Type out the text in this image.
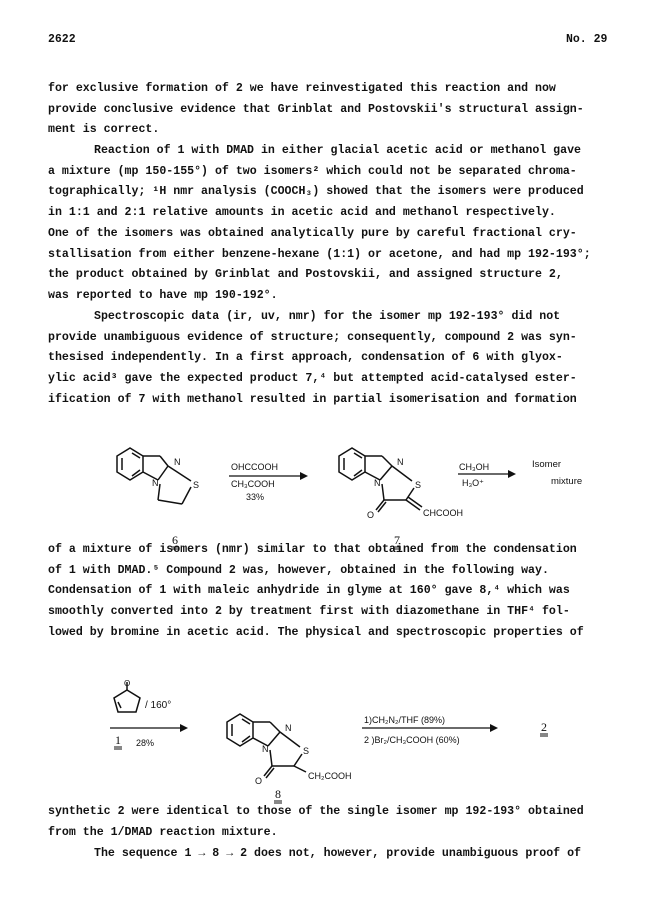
2622	No. 29

for exclusive formation of 2 we have reinvestigated this reaction and now
provide conclusive evidence that Grinblat and Postovskii's structural assign-
ment is correct.

Reaction of 1 with DMAD in either glacial acetic acid or methanol gave
a mixture (mp 150-155°) of two isomers² which could not be separated chroma-
tographically; ¹H nmr analysis (COOCH₃) showed that the isomers were produced
in 1:1 and 2:1 relative amounts in acetic acid and methanol respectively.
One of the isomers was obtained analytically pure by careful fractional cry-
stallisation from either benzene-hexane (1:1) or acetone, and had mp 192-193°;
the product obtained by Grinblat and Postovskii, and assigned structure 2,
was reported to have mp 190-192°.

Spectroscopic data (ir, uv, nmr) for the isomer mp 192-193° did not
provide unambiguous evidence of structure; consequently, compound 2 was syn-
thesised independently. In a first approach, condensation of 6 with glyox-
ylic acid³ gave the expected product 7,⁴ but attempted acid-catalysed ester-
ification of 7 with methanol resulted in partial isomerisation and formation

of a mixture of isomers (nmr) similar to that obtained from the condensation
of 1 with DMAD.⁵ Compound 2 was, however, obtained in the following way.
Condensation of 1 with maleic anhydride in glyme at 160° gave 8,⁴ which was
smoothly converted into 2 by treatment first with diazomethane in THF⁴ fol-
lowed by bromine in acetic acid. The physical and spectroscopic properties of

synthetic 2 were identical to those of the single isomer mp 192-193° obtained
from the 1/DMAD reaction mixture.

The sequence 1 → 8 → 2 does not, however, provide unambiguous proof of

N
N	S
OHCCOOH
CH₃COOH
33%
N
N	S
O	CHCOOH
CH₃OH
H₃O⁺
Isomer
mixture
6	7
1
O
/ 160°
28%
N
N	S
O	CH₂COOH
1)CH₂N₂/THF (89%)
2 )Br₂/CH₃COOH (60%)
2
8
